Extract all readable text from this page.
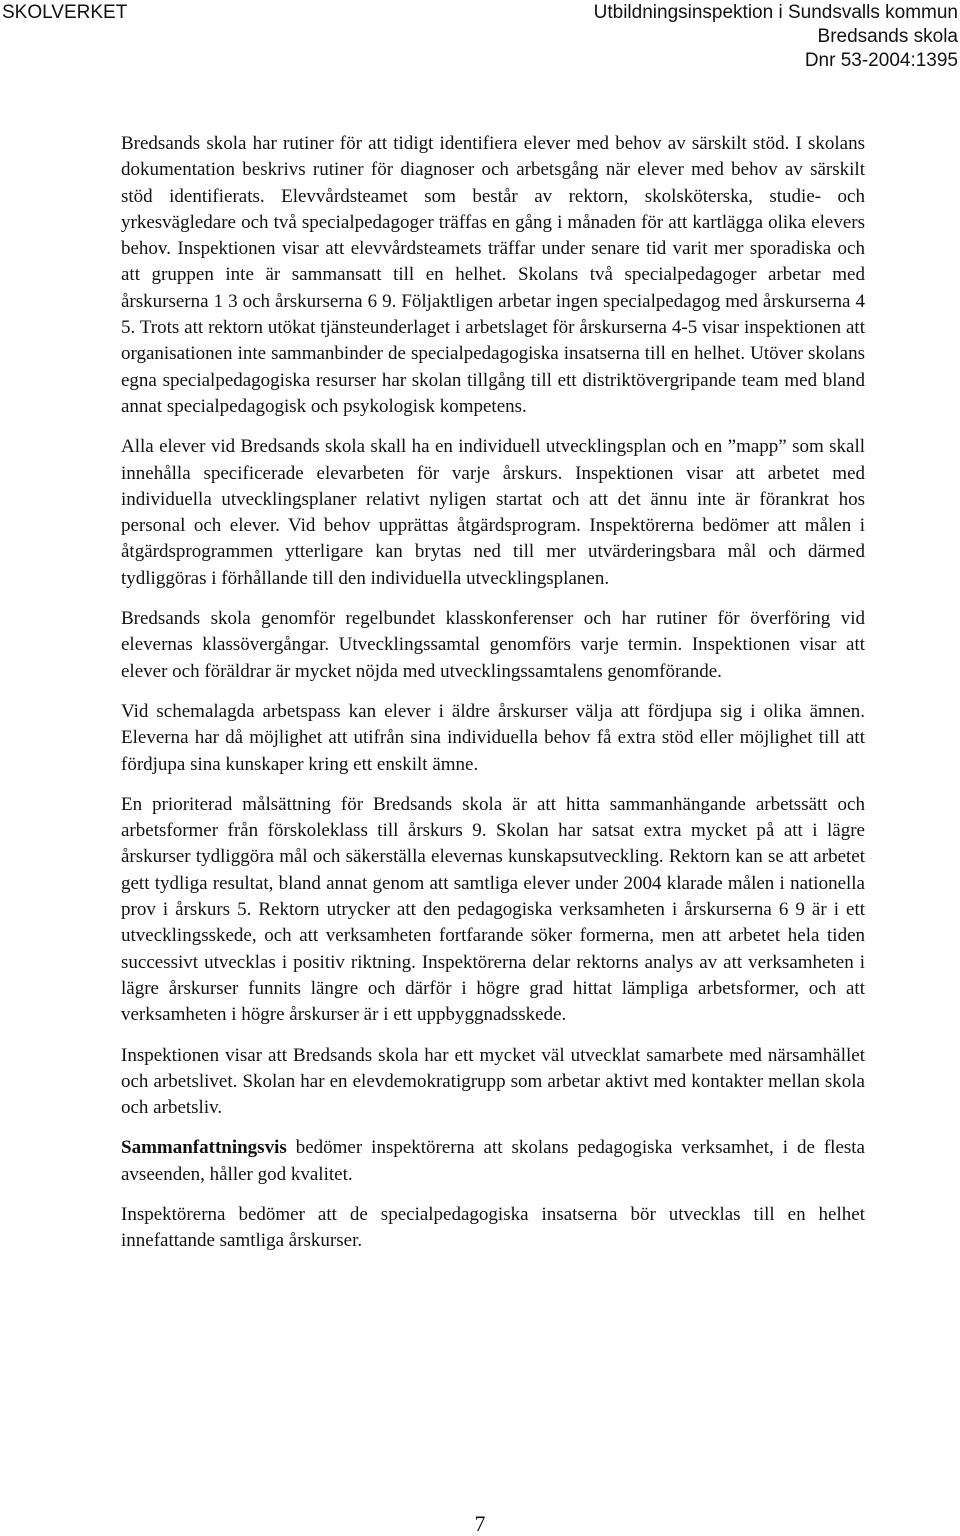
SKOLVERKET	Utbildningsinspektion i Sundsvalls kommun
Bredsands skola
Dnr 53-2004:1395

Bredsands skola har rutiner för att tidigt identifiera elever med behov av särskilt stöd. I skolans dokumentation beskrivs rutiner för diagnoser och arbetsgång när elever med behov av särskilt stöd identifierats. Elevvårdsteamet som består av rektorn, skolsköterska, studie- och yrkesvägledare och två specialpedagoger träffas en gång i månaden för att kartlägga olika elevers behov. Inspektionen visar att elevvårdsteamets träffar under senare tid varit mer sporadiska och att gruppen inte är sammansatt till en helhet. Skolans två specialpedagoger arbetar med årskurserna 1 3 och årskurserna 6 9. Följaktligen arbetar ingen specialpedagog med årskurserna 4 5. Trots att rektorn utökat tjänsteunderlaget i arbetslaget för årskurserna 4-5 visar inspektionen att organisationen inte sammanbinder de specialpedagogiska insatserna till en helhet. Utöver skolans egna specialpedagogiska resurser har skolan tillgång till ett distriktövergripande team med bland annat specialpedagogisk och psykologisk kompetens.

Alla elever vid Bredsands skola skall ha en individuell utvecklingsplan och en ”mapp” som skall innehålla specificerade elevarbeten för varje årskurs. Inspektionen visar att arbetet med individuella utvecklingsplaner relativt nyligen startat och att det ännu inte är förankrat hos personal och elever. Vid behov upprättas åtgärdsprogram. Inspektörerna bedömer att målen i åtgärdsprogrammen ytterligare kan brytas ned till mer utvärderingsbara mål och därmed tydliggöras i förhållande till den individuella utvecklingsplanen.

Bredsands skola genomför regelbundet klasskonferenser och har rutiner för överföring vid elevernas klassövergångar. Utvecklingssamtal genomförs varje termin. Inspektionen visar att elever och föräldrar är mycket nöjda med utvecklingssamtalens genomförande.

Vid schemalagda arbetspass kan elever i äldre årskurser välja att fördjupa sig i olika ämnen. Eleverna har då möjlighet att utifrån sina individuella behov få extra stöd eller möjlighet till att fördjupa sina kunskaper kring ett enskilt ämne.

En prioriterad målsättning för Bredsands skola är att hitta sammanhängande arbetssätt och arbetsformer från förskoleklass till årskurs 9. Skolan har satsat extra mycket på att i lägre årskurser tydliggöra mål och säkerställa elevernas kunskapsutveckling. Rektorn kan se att arbetet gett tydliga resultat, bland annat genom att samtliga elever under 2004 klarade målen i nationella prov i årskurs 5. Rektorn utrycker att den pedagogiska verksamheten i årskurserna 6 9 är i ett utvecklingsskede, och att verksamheten fortfarande söker formerna, men att arbetet hela tiden successivt utvecklas i positiv riktning. Inspektörerna delar rektorns analys av att verksamheten i lägre årskurser funnits längre och därför i högre grad hittat lämpliga arbetsformer, och att verksamheten i högre årskurser är i ett uppbyggnadsskede.

Inspektionen visar att Bredsands skola har ett mycket väl utvecklat samarbete med närsamhället och arbetslivet. Skolan har en elevdemokratigrupp som arbetar aktivt med kontakter mellan skola och arbetsliv.

Sammanfattningsvis bedömer inspektörerna att skolans pedagogiska verksamhet, i de flesta avseenden, håller god kvalitet.

Inspektörerna bedömer att de specialpedagogiska insatserna bör utvecklas till en helhet innefattande samtliga årskurser.

7
